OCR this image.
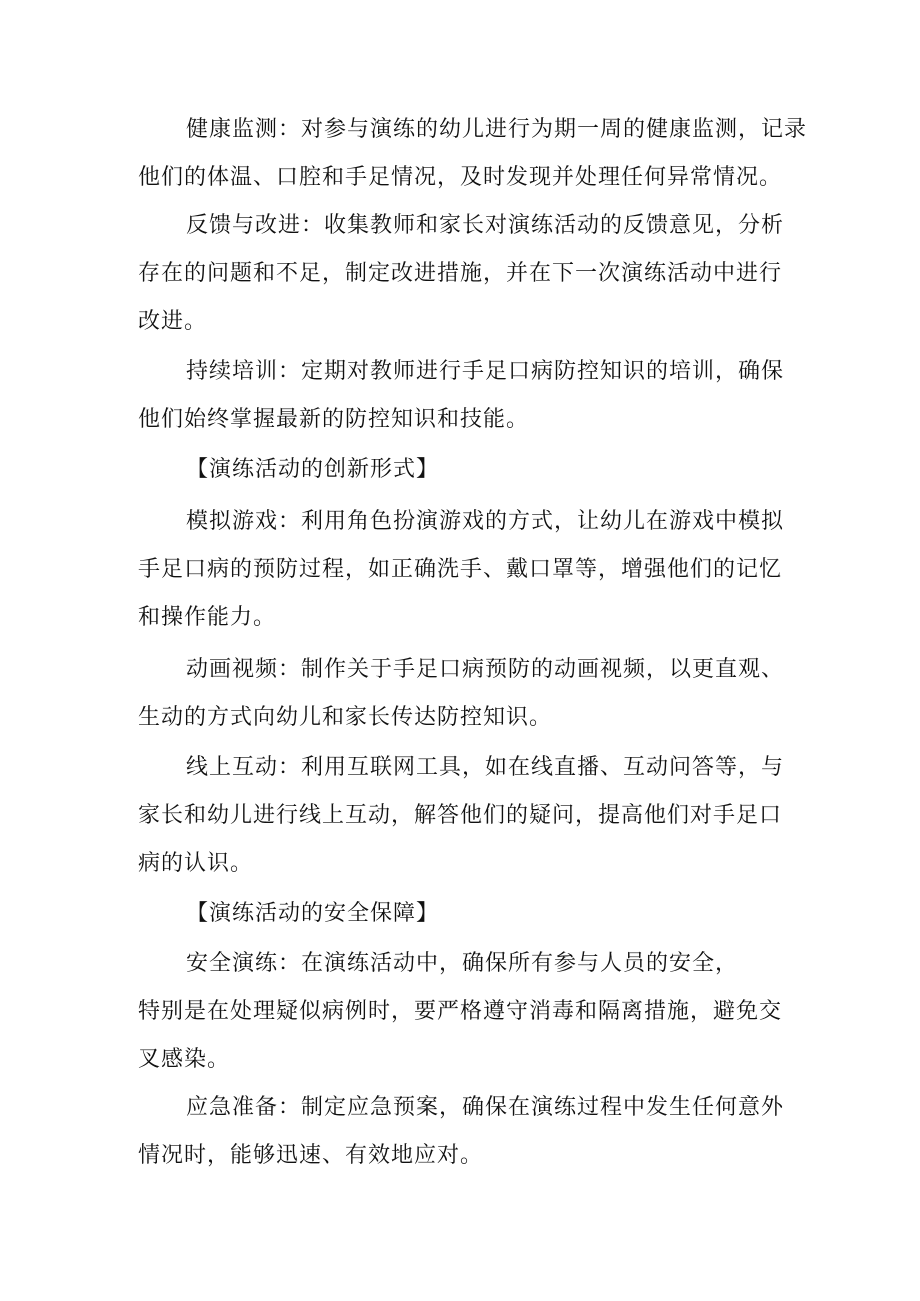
健康监测：对参与演练的幼儿进行为期一周的健康监测，记录
他们的体温、口腔和手足情况，及时发现并处理任何异常情况。
反馈与改进：收集教师和家长对演练活动的反馈意见，分析
存在的问题和不足，制定改进措施，并在下一次演练活动中进行
改进。
持续培训：定期对教师进行手足口病防控知识的培训，确保
他们始终掌握最新的防控知识和技能。
【演练活动的创新形式】
模拟游戏：利用角色扮演游戏的方式，让幼儿在游戏中模拟
手足口病的预防过程，如正确洗手、戴口罩等，增强他们的记忆
和操作能力。
动画视频：制作关于手足口病预防的动画视频，以更直观、
生动的方式向幼儿和家长传达防控知识。
线上互动：利用互联网工具，如在线直播、互动问答等，与
家长和幼儿进行线上互动，解答他们的疑问，提高他们对手足口
病的认识。
【演练活动的安全保障】
安全演练：在演练活动中，确保所有参与人员的安全，
特别是在处理疑似病例时，要严格遵守消毒和隔离措施，避免交
叉感染。
应急准备：制定应急预案，确保在演练过程中发生任何意外
情况时，能够迅速、有效地应对。
